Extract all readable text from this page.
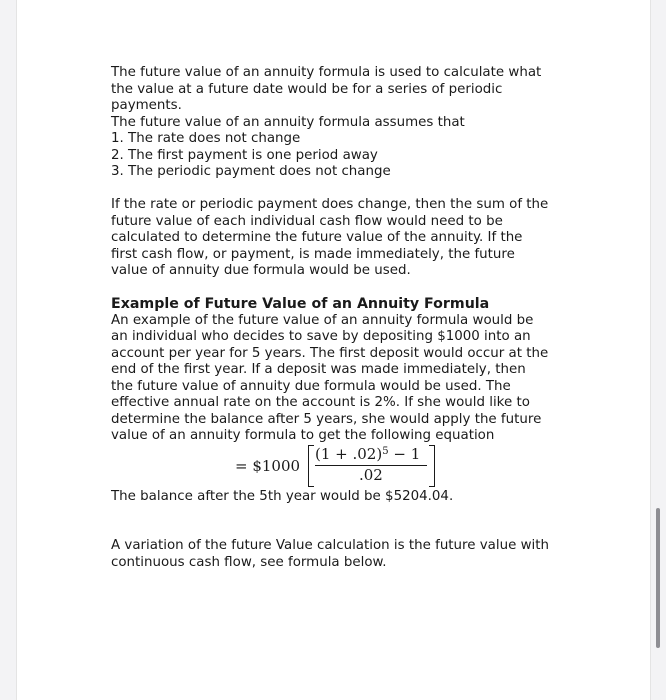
The future value of an annuity formula is used to calculate what

the value at a future date would be for a series of periodic

payments.

The future value of an annuity formula assumes that

1. The rate does not change

2. The first payment is one period away

3. The periodic payment does not change

If the rate or periodic payment does change, then the sum of the

future value of each individual cash flow would need to be

calculated to determine the future value of the annuity. If the

first cash flow, or payment, is made immediately, the future

value of annuity due formula would be used.

Example of Future Value of an Annuity Formula

An example of the future value of an annuity formula would be

an individual who decides to save by depositing $1000 into an

account per year for 5 years. The first deposit would occur at the

end of the first year. If a deposit was made immediately, then

the future value of annuity due formula would be used. The

effective annual rate on the account is 2%. If she would like to

determine the balance after 5 years, she would apply the future

value of an annuity formula to get the following equation

= $1000
$(1 + .02)^5 - 1$
.02

The balance after the 5th year would be $5204.04.

A variation of the future Value calculation is the future value with

continuous cash flow, see formula below.
